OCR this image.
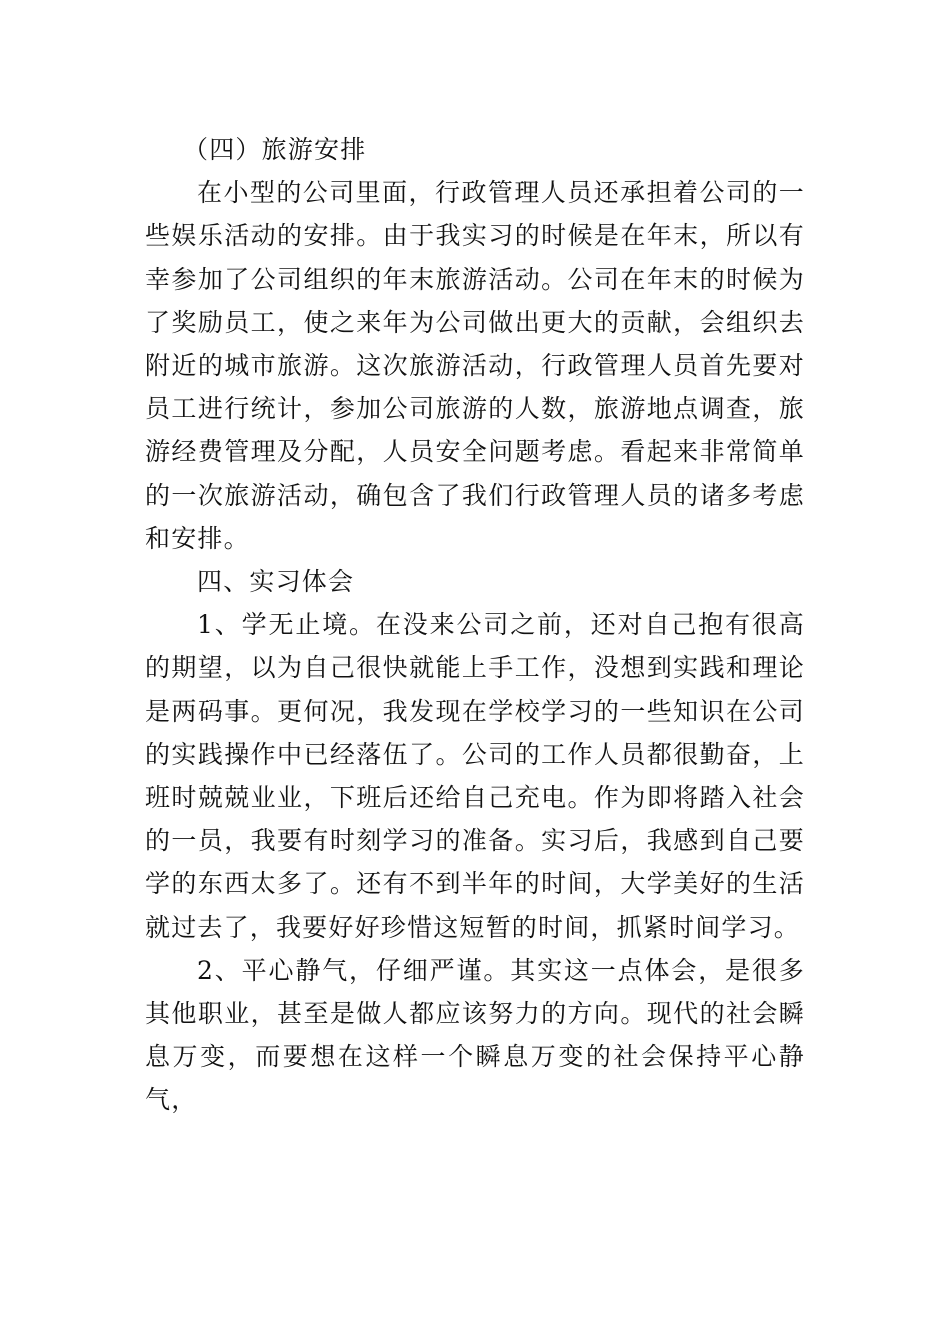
（四）旅游安排

在小型的公司里面，行政管理人员还承担着公司的一些娱乐活动的安排。由于我实习的时候是在年末，所以有幸参加了公司组织的年末旅游活动。公司在年末的时候为了奖励员工，使之来年为公司做出更大的贡献，会组织去附近的城市旅游。这次旅游活动，行政管理人员首先要对员工进行统计，参加公司旅游的人数，旅游地点调查，旅游经费管理及分配，人员安全问题考虑。看起来非常简单的一次旅游活动，确包含了我们行政管理人员的诸多考虑和安排。

四、实习体会

1、学无止境。在没来公司之前，还对自己抱有很高的期望，以为自己很快就能上手工作，没想到实践和理论是两码事。更何况，我发现在学校学习的一些知识在公司的实践操作中已经落伍了。公司的工作人员都很勤奋，上班时兢兢业业，下班后还给自己充电。作为即将踏入社会的一员，我要有时刻学习的准备。实习后，我感到自己要学的东西太多了。还有不到半年的时间，大学美好的生活就过去了，我要好好珍惜这短暂的时间，抓紧时间学习。

2、平心静气，仔细严谨。其实这一点体会，是很多其他职业，甚至是做人都应该努力的方向。现代的社会瞬息万变，而要想在这样一个瞬息万变的社会保持平心静气，
